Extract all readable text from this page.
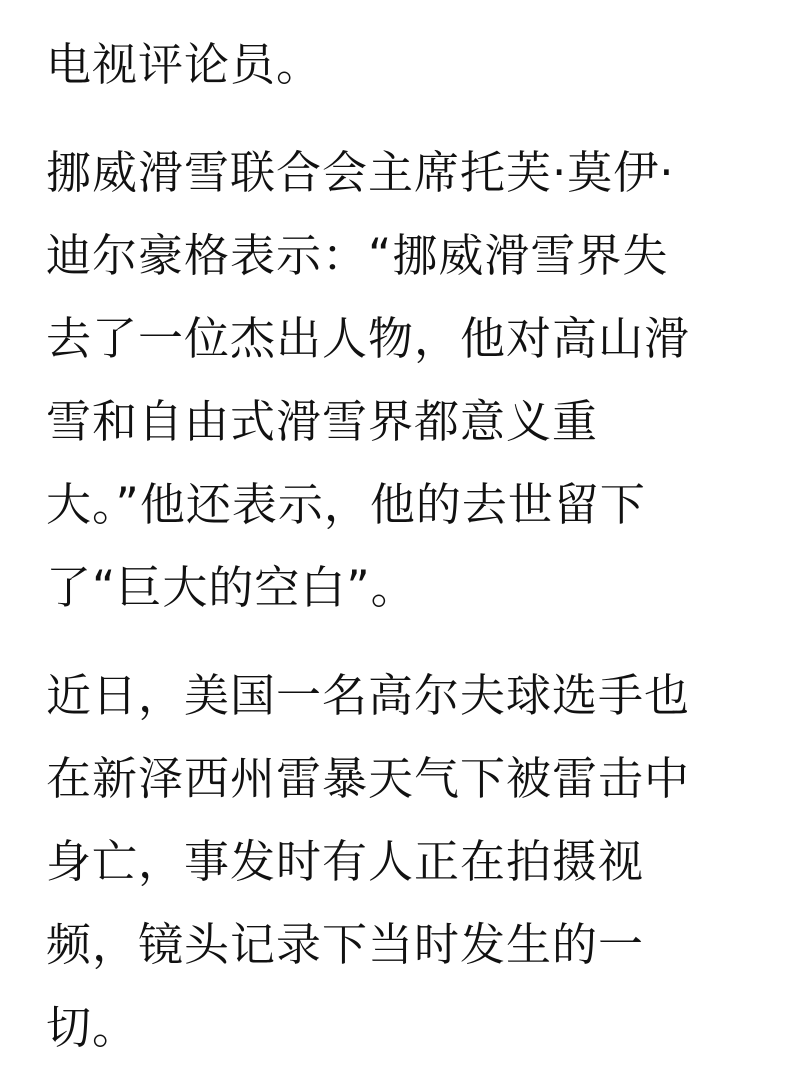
电视评论员。
挪威滑雪联合会主席托芙·莫伊·
迪尔豪格表示：“挪威滑雪界失
去了一位杰出人物，他对高山滑
雪和自由式滑雪界都意义重
大。”他还表示，他的去世留下
了“巨大的空白”。
近日，美国一名高尔夫球选手也
在新泽西州雷暴天气下被雷击中
身亡，事发时有人正在拍摄视
频，镜头记录下当时发生的一
切。
